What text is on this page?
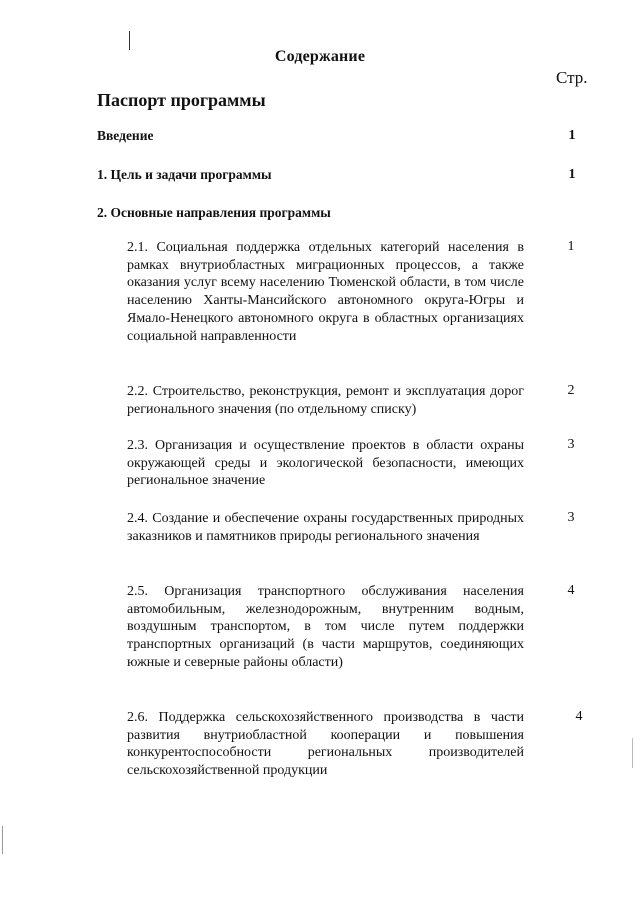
Содержание
Стр.
Паспорт программы
Введение	1
1. Цель и задачи программы	1
2. Основные направления программы
2.1. Социальная поддержка отдельных категорий населения в рамках внутриобластных миграционных процессов, а также оказания услуг всему населению Тюменской области, в том числе населению Ханты-Мансийского автономного округа-Югры и Ямало-Ненецкого автономного округа в областных организациях социальной направленности
1
2.2. Строительство, реконструкция, ремонт и эксплуатация дорог регионального значения (по отдельному списку)
2
2.3. Организация и осуществление проектов в области охраны окружающей среды и экологической безопасности, имеющих региональное значение
3
2.4. Создание и обеспечение охраны государственных природных заказников и памятников природы регионального значения
3
2.5. Организация транспортного обслуживания населения автомобильным, железнодорожным, внутренним водным, воздушным транспортом, в том числе путем поддержки транспортных организаций (в части маршрутов, соединяющих южные и северные районы области)
4
2.6. Поддержка сельскохозяйственного производства в части развития внутриобластной кооперации и повышения конкурентоспособности региональных производителей сельскохозяйственной продукции
4
